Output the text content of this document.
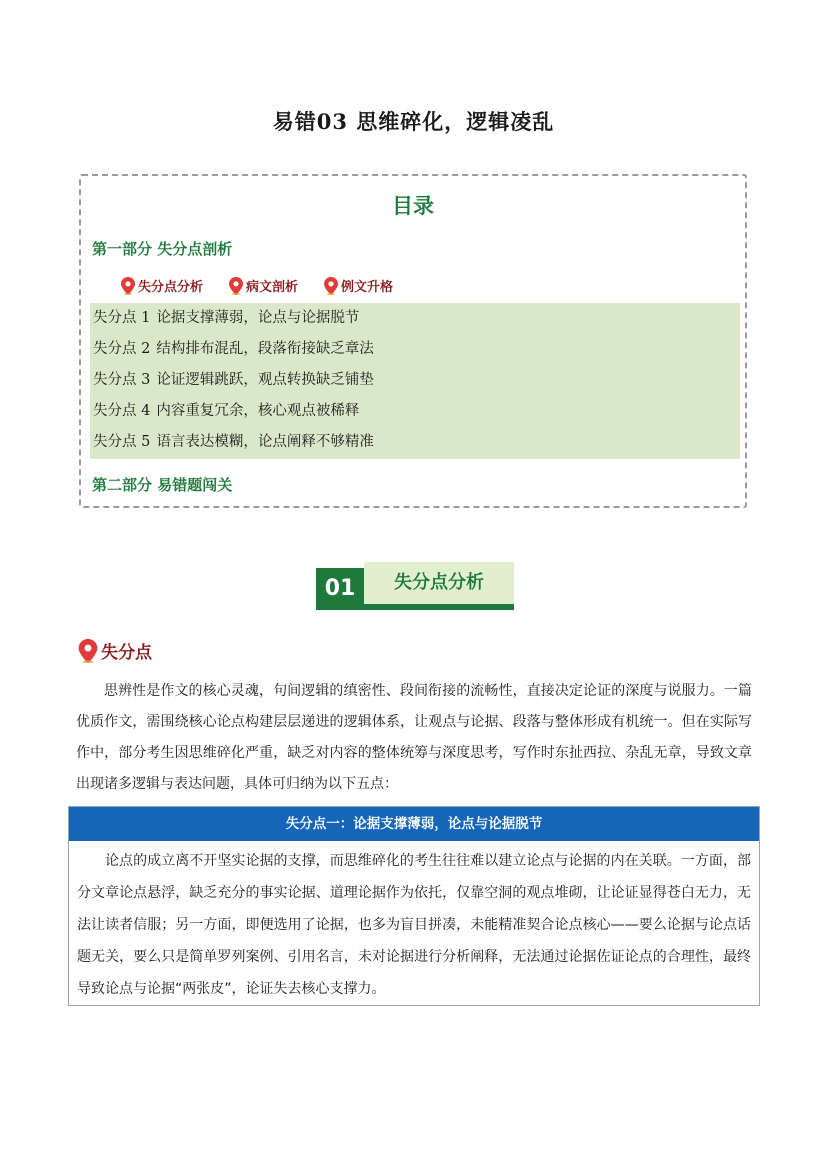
易错03 思维碎化，逻辑凌乱
目录
第一部分 失分点剖析
失分点分析	病文剖析	例文升格
失分点 1 论据支撑薄弱，论点与论据脱节
失分点 2 结构排布混乱，段落衔接缺乏章法
失分点 3 论证逻辑跳跃，观点转换缺乏铺垫
失分点 4 内容重复冗余，核心观点被稀释
失分点 5 语言表达模糊，论点阐释不够精准
第二部分 易错题闯关
01	失分点分析
失分点

思辨性是作文的核心灵魂，句间逻辑的缜密性、段间衔接的流畅性，直接决定论证的深度与说服力。一篇优质作文，需围绕核心论点构建层层递进的逻辑体系，让观点与论据、段落与整体形成有机统一。但在实际写作中，部分考生因思维碎化严重，缺乏对内容的整体统筹与深度思考，写作时东扯西拉、杂乱无章，导致文章出现诸多逻辑与表达问题，具体可归纳为以下五点：

失分点一：论据支撑薄弱，论点与论据脱节

论点的成立离不开坚实论据的支撑，而思维碎化的考生往往难以建立论点与论据的内在关联。一方面，部分文章论点悬浮，缺乏充分的事实论据、道理论据作为依托，仅靠空洞的观点堆砌，让论证显得苍白无力，无法让读者信服；另一方面，即便选用了论据，也多为盲目拼凑，未能精准契合论点核心——要么论据与论点话题无关，要么只是简单罗列案例、引用名言，未对论据进行分析阐释，无法通过论据佐证论点的合理性，最终导致论点与论据“两张皮”，论证失去核心支撑力。
